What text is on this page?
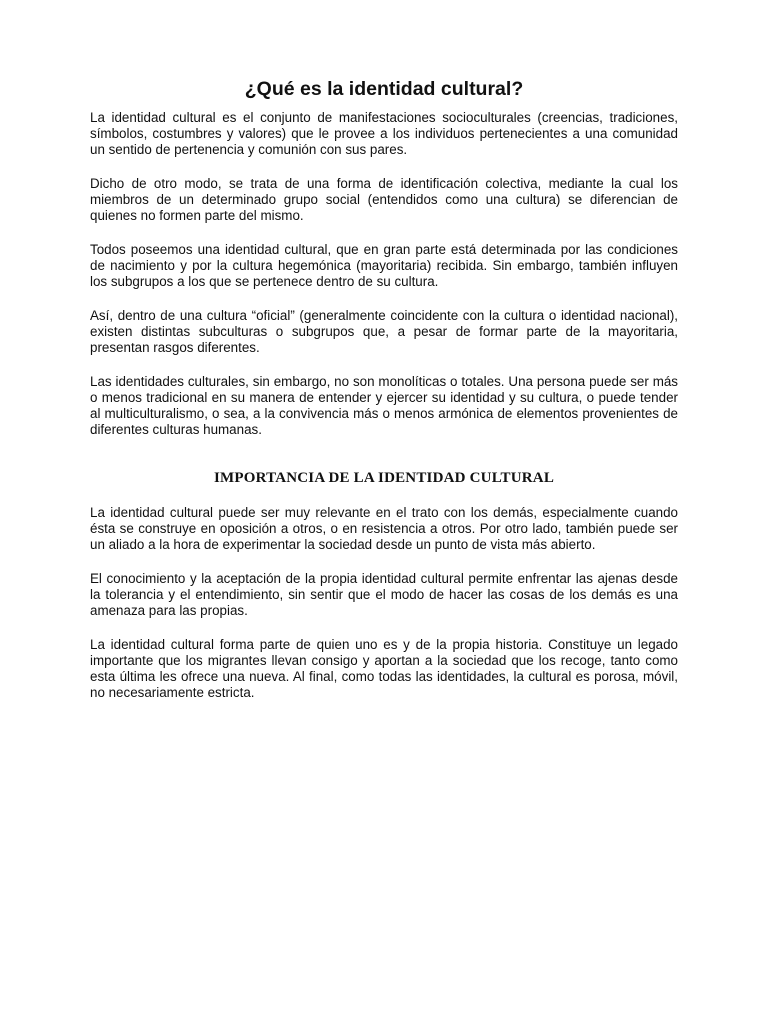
¿Qué es la identidad cultural?

La identidad cultural es el conjunto de manifestaciones socioculturales (creencias, tradiciones, símbolos, costumbres y valores) que le provee a los individuos pertenecientes a una comunidad un sentido de pertenencia y comunión con sus pares.

Dicho de otro modo, se trata de una forma de identificación colectiva, mediante la cual los miembros de un determinado grupo social (entendidos como una cultura) se diferencian de quienes no formen parte del mismo.

Todos poseemos una identidad cultural, que en gran parte está determinada por las condiciones de nacimiento y por la cultura hegemónica (mayoritaria) recibida. Sin embargo, también influyen los subgrupos a los que se pertenece dentro de su cultura.

Así, dentro de una cultura “oficial” (generalmente coincidente con la cultura o identidad nacional), existen distintas subculturas o subgrupos que, a pesar de formar parte de la mayoritaria, presentan rasgos diferentes.

Las identidades culturales, sin embargo, no son monolíticas o totales. Una persona puede ser más o menos tradicional en su manera de entender y ejercer su identidad y su cultura, o puede tender al multiculturalismo, o sea, a la convivencia más o menos armónica de elementos provenientes de diferentes culturas humanas.

IMPORTANCIA DE LA IDENTIDAD CULTURAL

La identidad cultural puede ser muy relevante en el trato con los demás, especialmente cuando ésta se construye en oposición a otros, o en resistencia a otros. Por otro lado, también puede ser un aliado a la hora de experimentar la sociedad desde un punto de vista más abierto.

El conocimiento y la aceptación de la propia identidad cultural permite enfrentar las ajenas desde la tolerancia y el entendimiento, sin sentir que el modo de hacer las cosas de los demás es una amenaza para las propias.

La identidad cultural forma parte de quien uno es y de la propia historia. Constituye un legado importante que los migrantes llevan consigo y aportan a la sociedad que los recoge, tanto como esta última les ofrece una nueva. Al final, como todas las identidades, la cultural es porosa, móvil, no necesariamente estricta.
